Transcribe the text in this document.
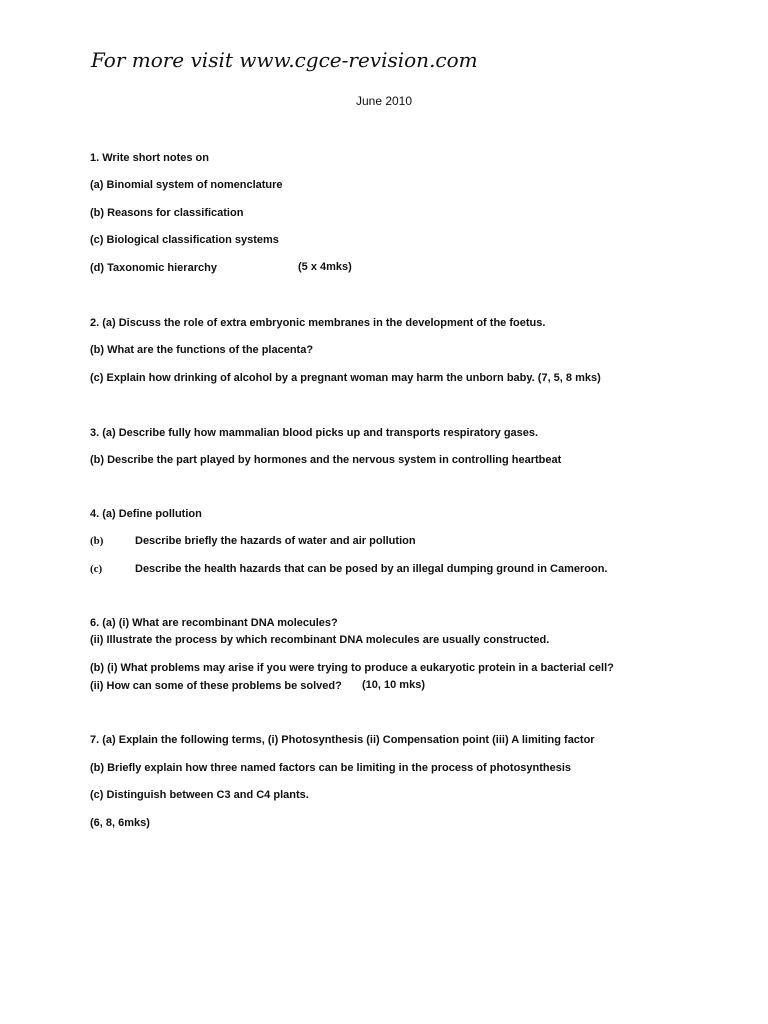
For more visit www.cgce-revision.com
June 2010
1. Write short notes on
(a) Binomial system of nomenclature
(b) Reasons for classification
(c) Biological classification systems
(d) Taxonomic hierarchy	(5 x 4mks)
2. (a) Discuss the role of extra embryonic membranes in the development of the foetus.
(b) What are the functions of the placenta?
(c) Explain how drinking of alcohol by a pregnant woman may harm the unborn baby. (7, 5, 8 mks)
3. (a) Describe fully how mammalian blood picks up and transports respiratory gases.
(b) Describe the part played by hormones and the nervous system in controlling heartbeat
4. (a) Define pollution
(b)	Describe briefly the hazards of water and air pollution
(c)	Describe the health hazards that can be posed by an illegal dumping ground in Cameroon.
6. (a) (i) What are recombinant DNA molecules?
(ii) Illustrate the process by which recombinant DNA molecules are usually constructed.
(b) (i) What problems may arise if you were trying to produce a eukaryotic protein in a bacterial cell?
(ii) How can some of these problems be solved? (10, 10 mks)
7. (a) Explain the following terms, (i) Photosynthesis (ii) Compensation point (iii) A limiting factor
(b) Briefly explain how three named factors can be limiting in the process of photosynthesis
(c) Distinguish between C3 and C4 plants.
(6, 8, 6mks)
